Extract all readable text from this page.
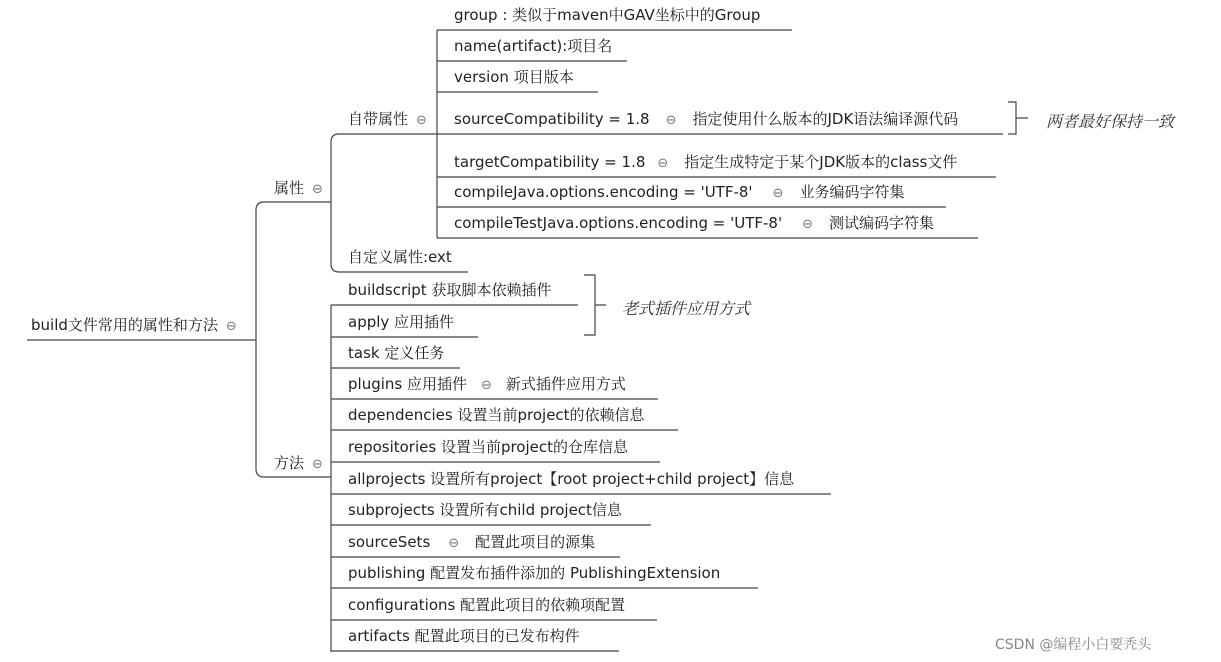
build文件常用的属性和方法 ⊖
属性 ⊖
方法 ⊖
自带属性 ⊖
自定义属性:ext
group : 类似于maven中GAV坐标中的Group
name(artifact):项目名
version 项目版本
sourceCompatibility = 1.8 ⊖ 指定使用什么版本的JDK语法编译源代码
targetCompatibility = 1.8 ⊖ 指定生成特定于某个JDK版本的class文件
compileJava.options.encoding = 'UTF-8' ⊖ 业务编码字符集
compileTestJava.options.encoding = 'UTF-8' ⊖ 测试编码字符集
两者最好保持一致
buildscript 获取脚本依赖插件
apply 应用插件
task 定义任务
plugins 应用插件 ⊖ 新式插件应用方式
dependencies 设置当前project的依赖信息
repositories 设置当前project的仓库信息
allprojects 设置所有project【root project+child project】信息
subprojects 设置所有child project信息
sourceSets ⊖ 配置此项目的源集
publishing 配置发布插件添加的 PublishingExtension
configurations 配置此项目的依赖项配置
artifacts 配置此项目的已发布构件
老式插件应用方式
CSDN @编程小白要秃头
